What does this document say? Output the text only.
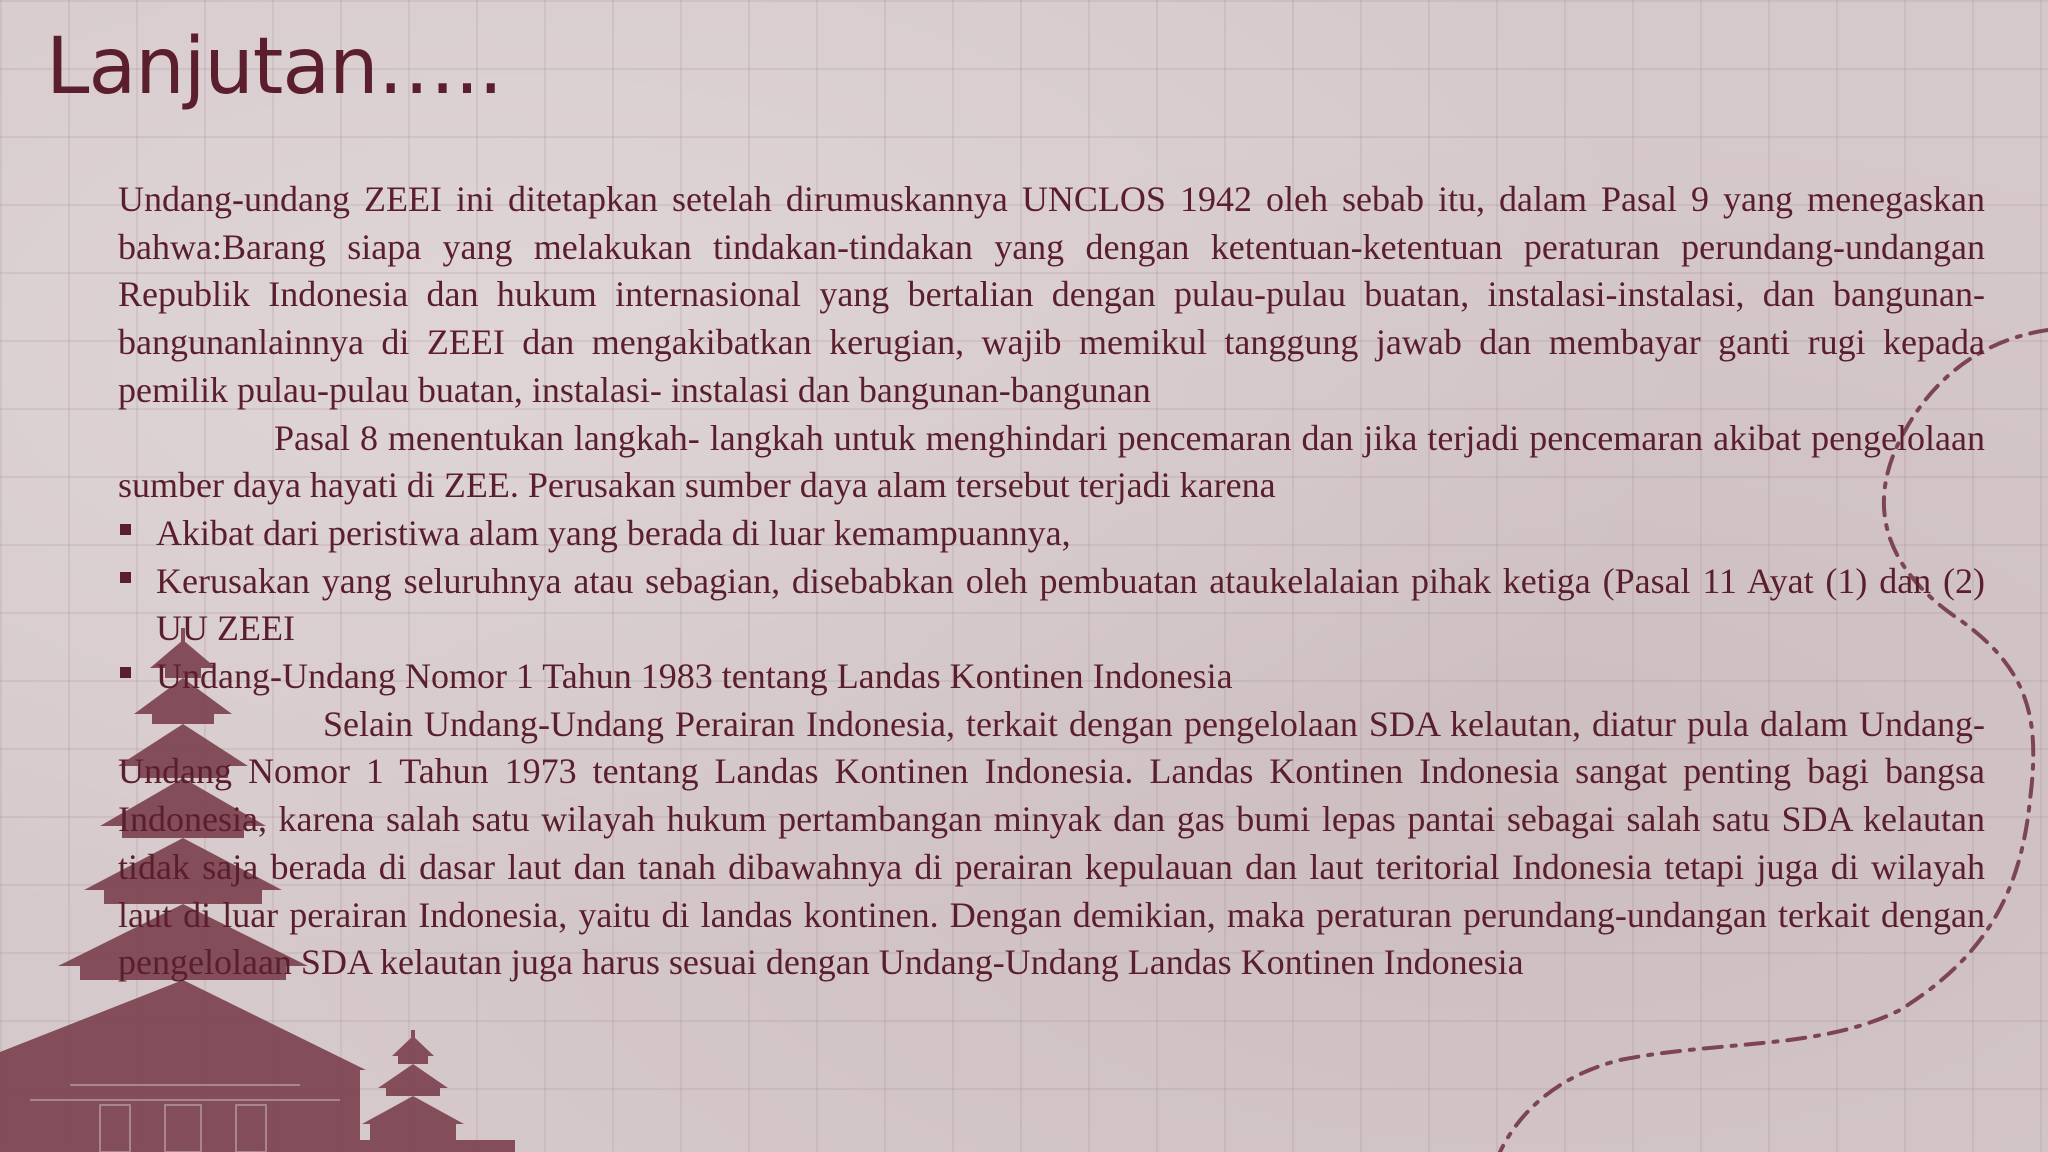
Lanjutan…..

Undang-undang ZEEI ini ditetapkan setelah dirumuskannya UNCLOS 1942 oleh sebab itu, dalam Pasal 9 yang menegaskan bahwa:Barang siapa yang melakukan tindakan-tindakan yang dengan ketentuan-ketentuan peraturan perundang-undangan Republik Indonesia dan hukum internasional yang bertalian dengan pulau-pulau buatan, instalasi-instalasi, dan bangunan-bangunanlainnya di ZEEI dan mengakibatkan kerugian, wajib memikul tanggung jawab dan membayar ganti rugi kepada pemilik pulau-pulau buatan, instalasi- instalasi dan bangunan-bangunan

Pasal 8 menentukan langkah- langkah untuk menghindari pencemaran dan jika terjadi pencemaran akibat pengelolaan sumber daya hayati di ZEE. Perusakan sumber daya alam tersebut terjadi karena

Akibat dari peristiwa alam yang berada di luar kemampuannya,
Kerusakan yang seluruhnya atau sebagian, disebabkan oleh pembuatan ataukelalaian pihak ketiga (Pasal 11 Ayat (1) dan (2) UU ZEEI
Undang-Undang Nomor 1 Tahun 1983 tentang Landas Kontinen Indonesia

Selain Undang-Undang Perairan Indonesia, terkait dengan pengelolaan SDA kelautan, diatur pula dalam Undang-Undang Nomor 1 Tahun 1973 tentang Landas Kontinen Indonesia. Landas Kontinen Indonesia sangat penting bagi bangsa Indonesia, karena salah satu wilayah hukum pertambangan minyak dan gas bumi lepas pantai sebagai salah satu SDA kelautan tidak saja berada di dasar laut dan tanah dibawahnya di perairan kepulauan dan laut teritorial Indonesia tetapi juga di wilayah laut di luar perairan Indonesia, yaitu di landas kontinen. Dengan demikian, maka peraturan perundang-undangan terkait dengan pengelolaan SDA kelautan juga harus sesuai dengan Undang-Undang Landas Kontinen Indonesia
